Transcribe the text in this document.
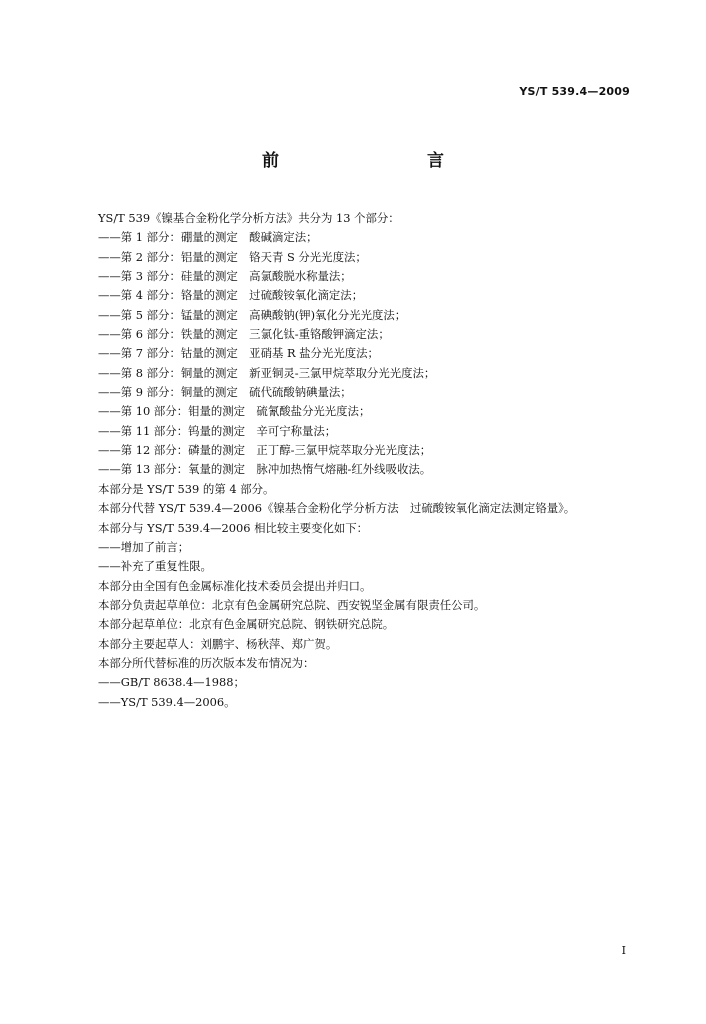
YS/T 539.4—2009
前　　言
YS/T 539《镍基合金粉化学分析方法》共分为 13 个部分：
——第 1 部分：硼量的测定　酸碱滴定法；
——第 2 部分：铝量的测定　铬天青 S 分光光度法；
——第 3 部分：硅量的测定　高氯酸脱水称量法；
——第 4 部分：铬量的测定　过硫酸铵氧化滴定法；
——第 5 部分：锰量的测定　高碘酸钠(钾)氧化分光光度法；
——第 6 部分：铁量的测定　三氯化钛-重铬酸钾滴定法；
——第 7 部分：钴量的测定　亚硝基 R 盐分光光度法；
——第 8 部分：铜量的测定　新亚铜灵-三氯甲烷萃取分光光度法；
——第 9 部分：铜量的测定　硫代硫酸钠碘量法；
——第 10 部分：钼量的测定　硫氰酸盐分光光度法；
——第 11 部分：钨量的测定　辛可宁称量法；
——第 12 部分：磷量的测定　正丁醇-三氯甲烷萃取分光光度法；
——第 13 部分：氧量的测定　脉冲加热惰气熔融-红外线吸收法。
本部分是 YS/T 539 的第 4 部分。
本部分代替 YS/T 539.4—2006《镍基合金粉化学分析方法　过硫酸铵氧化滴定法测定铬量》。
本部分与 YS/T 539.4—2006 相比较主要变化如下：
——增加了前言；
——补充了重复性限。
本部分由全国有色金属标准化技术委员会提出并归口。
本部分负责起草单位：北京有色金属研究总院、西安锐坚金属有限责任公司。
本部分起草单位：北京有色金属研究总院、钢铁研究总院。
本部分主要起草人：刘鹏宇、杨秋萍、郑广贺。
本部分所代替标准的历次版本发布情况为：
——GB/T 8638.4—1988；
——YS/T 539.4—2006。
I
